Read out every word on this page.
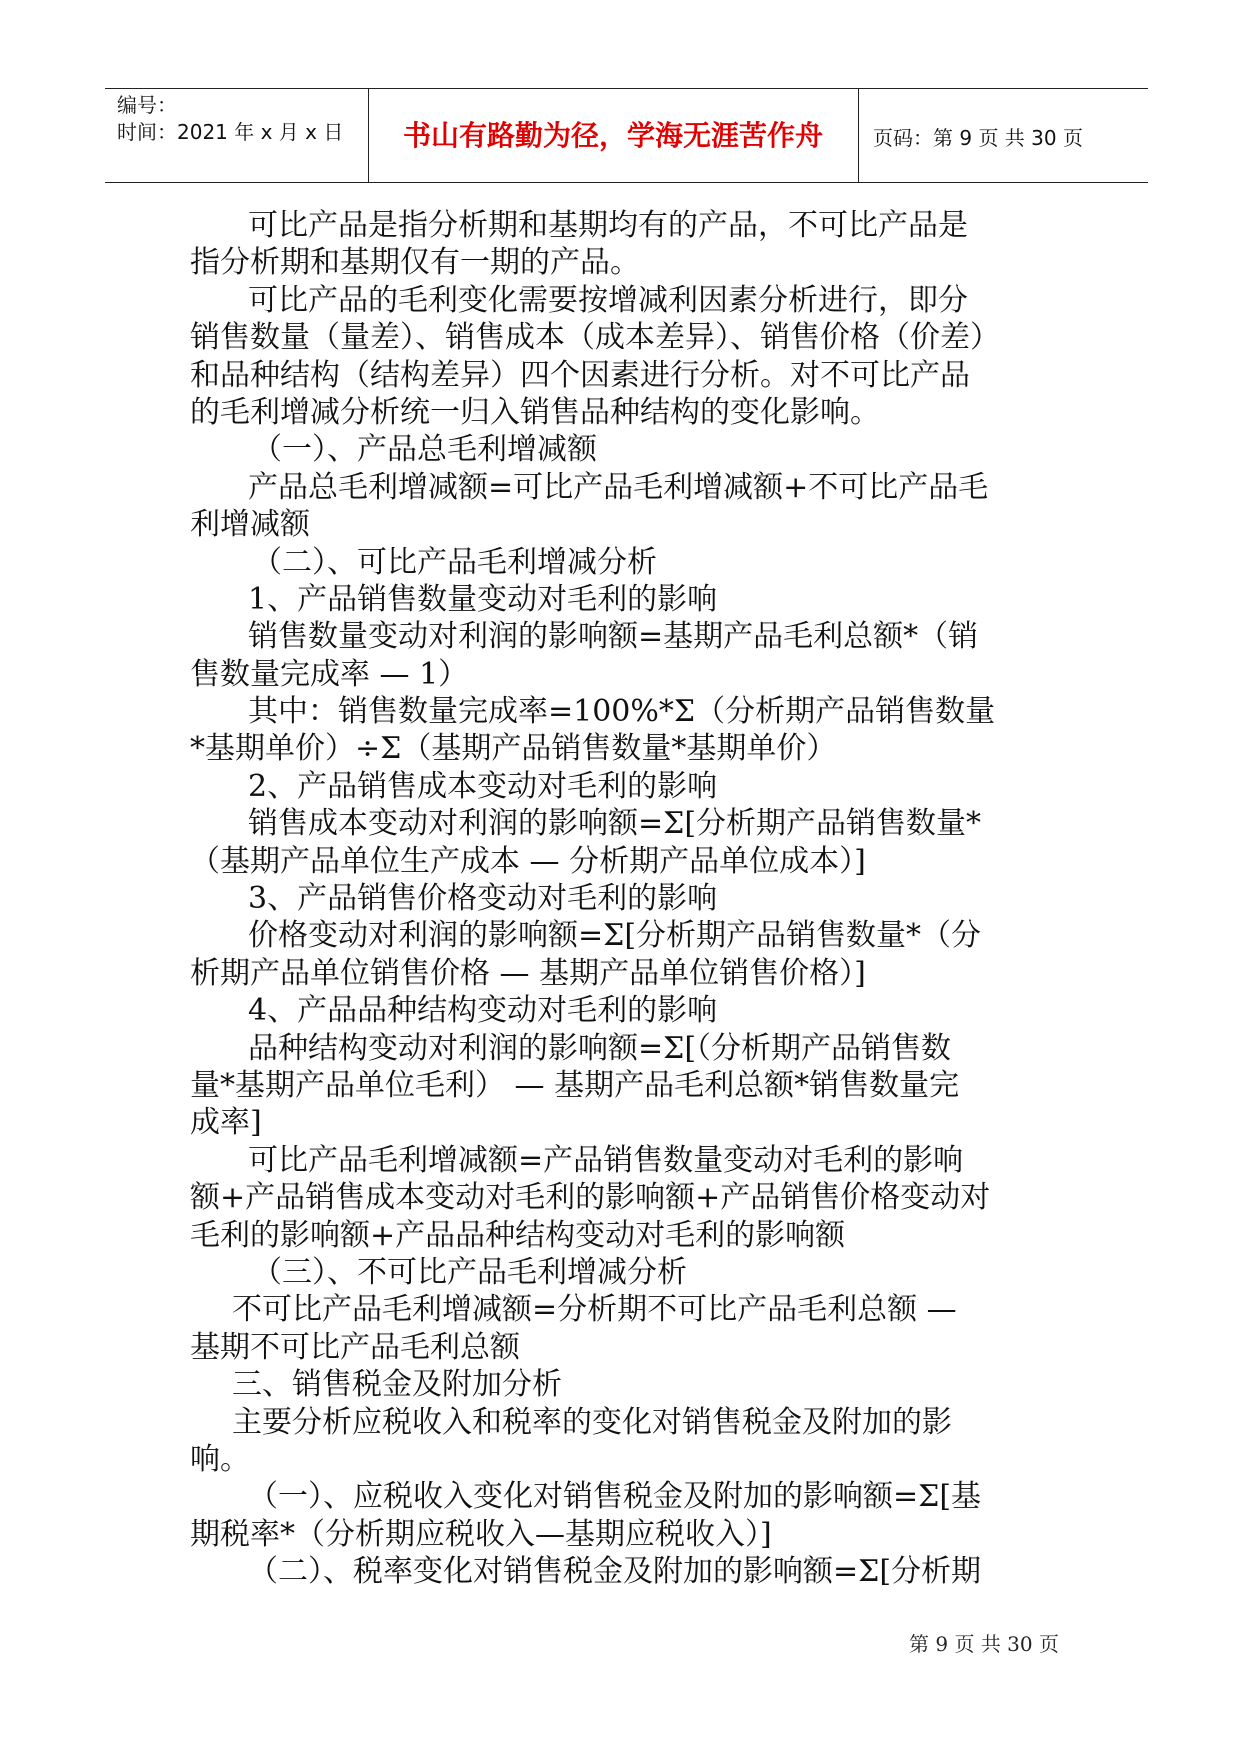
编号：
时间：2021 年 x 月 x 日	书山有路勤为径，学海无涯苦作舟	页码：第 9 页 共 30 页
可比产品是指分析期和基期均有的产品，不可比产品是
指分析期和基期仅有一期的产品。
可比产品的毛利变化需要按增减利因素分析进行，即分
销售数量（量差）、销售成本（成本差异）、销售价格（价差）
和品种结构（结构差异）四个因素进行分析。对不可比产品
的毛利增减分析统一归入销售品种结构的变化影响。
（一）、产品总毛利增减额
产品总毛利增减额=可比产品毛利增减额+不可比产品毛
利增减额
（二）、可比产品毛利增减分析
1、产品销售数量变动对毛利的影响
销售数量变动对利润的影响额=基期产品毛利总额*（销
售数量完成率 — 1）
其中：销售数量完成率=100%*Σ（分析期产品销售数量
*基期单价）÷Σ（基期产品销售数量*基期单价）
2、产品销售成本变动对毛利的影响
销售成本变动对利润的影响额=Σ[分析期产品销售数量*
（基期产品单位生产成本 — 分析期产品单位成本）]
3、产品销售价格变动对毛利的影响
价格变动对利润的影响额=Σ[分析期产品销售数量*（分
析期产品单位销售价格 — 基期产品单位销售价格）]
4、产品品种结构变动对毛利的影响
品种结构变动对利润的影响额=Σ[（分析期产品销售数
量*基期产品单位毛利） — 基期产品毛利总额*销售数量完
成率]
可比产品毛利增减额=产品销售数量变动对毛利的影响
额+产品销售成本变动对毛利的影响额+产品销售价格变动对
毛利的影响额+产品品种结构变动对毛利的影响额
（三）、不可比产品毛利增减分析
不可比产品毛利增减额=分析期不可比产品毛利总额 —
基期不可比产品毛利总额
三、销售税金及附加分析
主要分析应税收入和税率的变化对销售税金及附加的影
响。
（一）、应税收入变化对销售税金及附加的影响额=Σ[基
期税率*（分析期应税收入—基期应税收入）]
（二）、税率变化对销售税金及附加的影响额=Σ[分析期
第 9 页 共 30 页
